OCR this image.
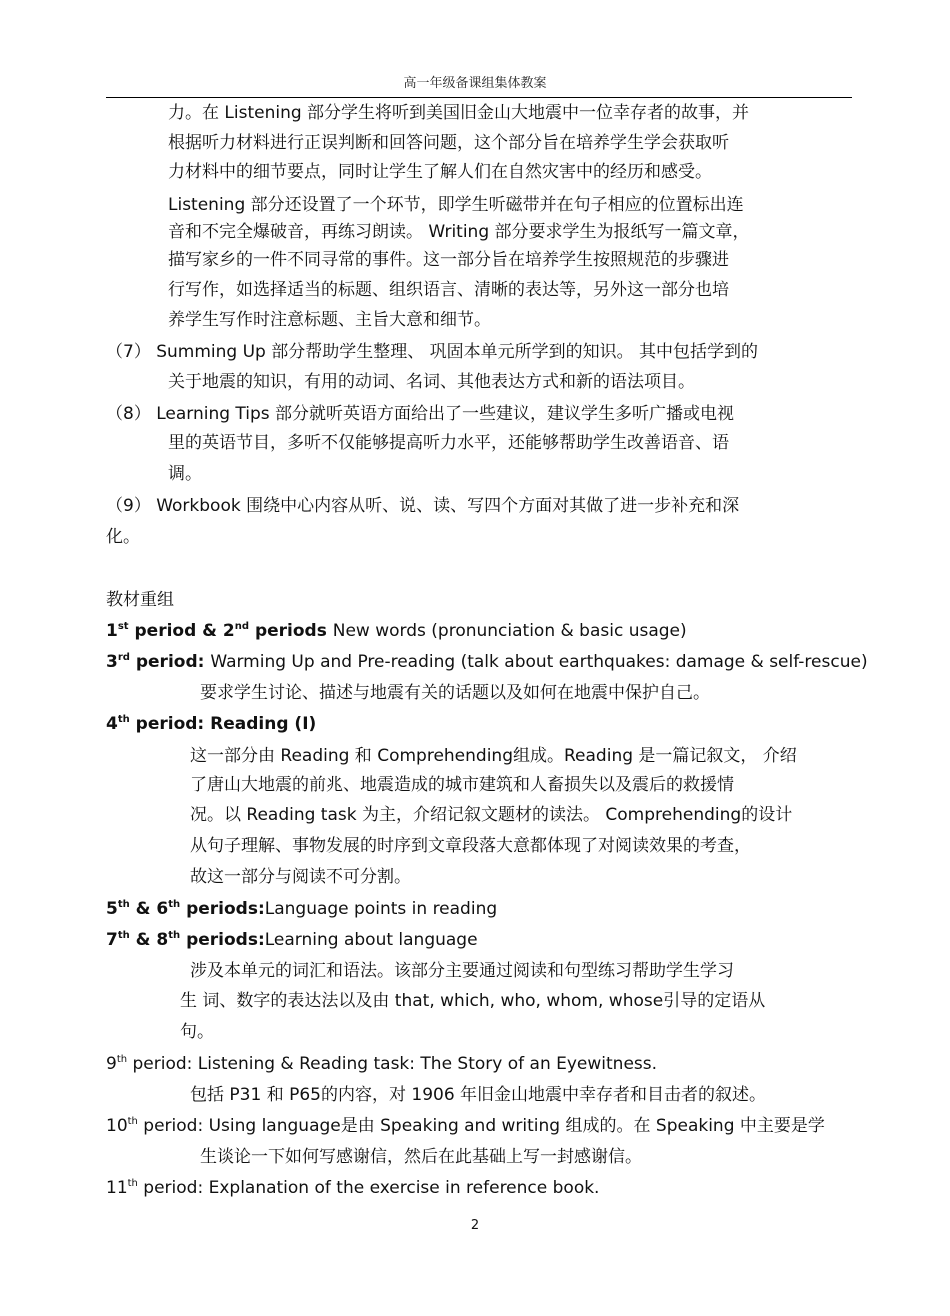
高一年级备课组集体教案
力。在 Listening 部分学生将听到美国旧金山大地震中一位幸存者的故事，并
根据听力材料进行正误判断和回答问题，这个部分旨在培养学生学会获取听
力材料中的细节要点，同时让学生了解人们在自然灾害中的经历和感受。
Listening 部分还设置了一个环节，即学生听磁带并在句子相应的位置标出连
音和不完全爆破音，再练习朗读。 Writing 部分要求学生为报纸写一篇文章，
描写家乡的一件不同寻常的事件。这一部分旨在培养学生按照规范的步骤进
行写作，如选择适当的标题、组织语言、清晰的表达等，另外这一部分也培
养学生写作时注意标题、主旨大意和细节。
（7） Summing Up 部分帮助学生整理、 巩固本单元所学到的知识。 其中包括学到的
关于地震的知识，有用的动词、名词、其他表达方式和新的语法项目。
（8） Learning Tips 部分就听英语方面给出了一些建议，建议学生多听广播或电视
里的英语节目，多听不仅能够提高听力水平，还能够帮助学生改善语音、语
调。
（9） Workbook 围绕中心内容从听、说、读、写四个方面对其做了进一步补充和深
化。
教材重组
1st period & 2nd periods New words (pronunciation & basic usage)
3rd period: Warming Up and Pre-reading (talk about earthquakes: damage & self-rescue)
要求学生讨论、描述与地震有关的话题以及如何在地震中保护自己。
4th period: Reading (I)
这一部分由 Reading 和 Comprehending组成。Reading 是一篇记叙文， 介绍
了唐山大地震的前兆、地震造成的城市建筑和人畜损失以及震后的救援情
况。以 Reading task 为主，介绍记叙文题材的读法。 Comprehending的设计
从句子理解、事物发展的时序到文章段落大意都体现了对阅读效果的考查，
故这一部分与阅读不可分割。
5th & 6th periods:Language points in reading
7th & 8th periods:Learning about language
涉及本单元的词汇和语法。该部分主要通过阅读和句型练习帮助学生学习
生 词、数字的表达法以及由 that, which, who, whom, whose引导的定语从
句。
9th period: Listening & Reading task: The Story of an Eyewitness.
包括 P31 和 P65的内容，对 1906 年旧金山地震中幸存者和目击者的叙述。
10th period: Using language是由 Speaking and writing 组成的。在 Speaking 中主要是学
生谈论一下如何写感谢信，然后在此基础上写一封感谢信。
11th period: Explanation of the exercise in reference book.
2
